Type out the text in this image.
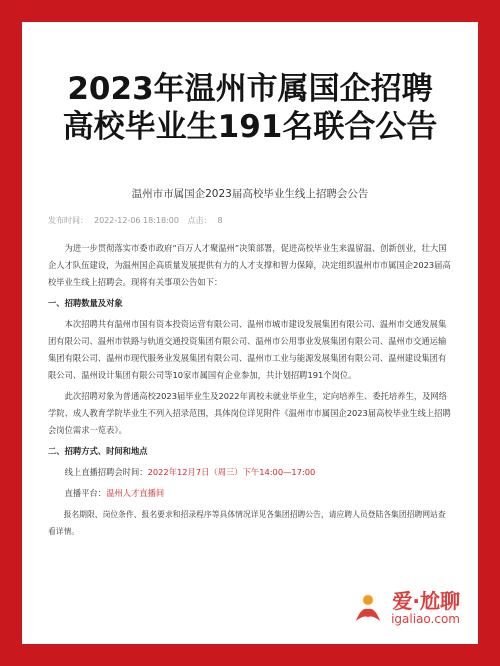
2023年温州市属国企招聘
高校毕业生191名联合公告
温州市市属国企2023届高校毕业生线上招聘会公告
发布时间： 2022-12-06 18:18:00 点击： 8

为进一步贯彻落实市委市政府“百万人才聚温州”决策部署，促进高校毕业生来温留温、创新创业，壮大国企人才队伍建设，为温州国企高质量发展提供有力的人才支撑和智力保障，决定组织温州市市属国企2023届高校毕业生线上招聘会。现将有关事项公告如下：

一、招聘数量及对象

本次招聘共有温州市国有资本投资运营有限公司、温州市城市建设发展集团有限公司、温州市交通发展集团有限公司、温州市铁路与轨道交通投资集团有限公司、温州市公用事业发展集团有限公司、温州市交通运输集团有限公司、温州市现代服务业发展集团有限公司、温州市工业与能源发展集团有限公司、温州建设集团有限公司、温州设计集团有限公司等10家市属国有企业参加，共计划招聘191个岗位。

此次招聘对象为普通高校2023届毕业生及2022年离校未就业毕业生，定向培养生、委托培养生，及网络学院、成人教育学院毕业生不列入招录范围，具体岗位详见附件《温州市市属国企2023届高校毕业生线上招聘会岗位需求一览表》。

二、招聘方式、时间和地点

线上直播招聘会时间：2022年12月7日（周三）下午14:00—17:00

直播平台：温州人才直播间

报名期限、岗位条件、报名要求和招录程序等具体情况详见各集团招聘公告，请应聘人员登陆各集团招聘网站查看详情。

爱·尬聊
igaliao.com
